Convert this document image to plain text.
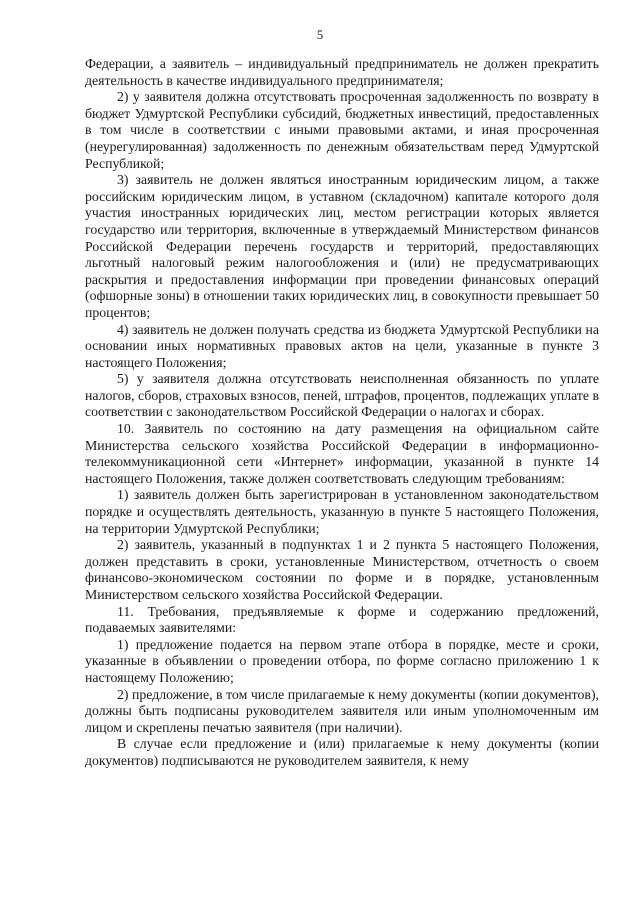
5

Федерации, а заявитель – индивидуальный предприниматель не должен прекратить деятельность в качестве индивидуального предпринимателя;

2) у заявителя должна отсутствовать просроченная задолженность по возврату в бюджет Удмуртской Республики субсидий, бюджетных инвестиций, предоставленных в том числе в соответствии с иными правовыми актами, и иная просроченная (неурегулированная) задолженность по денежным обязательствам перед Удмуртской Республикой;

3) заявитель не должен являться иностранным юридическим лицом, а также российским юридическим лицом, в уставном (складочном) капитале которого доля участия иностранных юридических лиц, местом регистрации которых является государство или территория, включенные в утверждаемый Министерством финансов Российской Федерации перечень государств и территорий, предоставляющих льготный налоговый режим налогообложения и (или) не предусматривающих раскрытия и предоставления информации при проведении финансовых операций (офшорные зоны) в отношении таких юридических лиц, в совокупности превышает 50 процентов;

4) заявитель не должен получать средства из бюджета Удмуртской Республики на основании иных нормативных правовых актов на цели, указанные в пункте 3 настоящего Положения;

5) у заявителя должна отсутствовать неисполненная обязанность по уплате налогов, сборов, страховых взносов, пеней, штрафов, процентов, подлежащих уплате в соответствии с законодательством Российской Федерации о налогах и сборах.

10. Заявитель по состоянию на дату размещения на официальном сайте Министерства сельского хозяйства Российской Федерации в информационно-телекоммуникационной сети «Интернет» информации, указанной в пункте 14 настоящего Положения, также должен соответствовать следующим требованиям:

1) заявитель должен быть зарегистрирован в установленном законодательством порядке и осуществлять деятельность, указанную в пункте 5 настоящего Положения, на территории Удмуртской Республики;

2) заявитель, указанный в подпунктах 1 и 2 пункта 5 настоящего Положения, должен представить в сроки, установленные Министерством, отчетность о своем финансово-экономическом состоянии по форме и в порядке, установленным Министерством сельского хозяйства Российской Федерации.

11. Требования, предъявляемые к форме и содержанию предложений, подаваемых заявителями:

1) предложение подается на первом этапе отбора в порядке, месте и сроки, указанные в объявлении о проведении отбора, по форме согласно приложению 1 к настоящему Положению;

2) предложение, в том числе прилагаемые к нему документы (копии документов), должны быть подписаны руководителем заявителя или иным уполномоченным им лицом и скреплены печатью заявителя (при наличии).

В случае если предложение и (или) прилагаемые к нему документы (копии документов) подписываются не руководителем заявителя, к нему
